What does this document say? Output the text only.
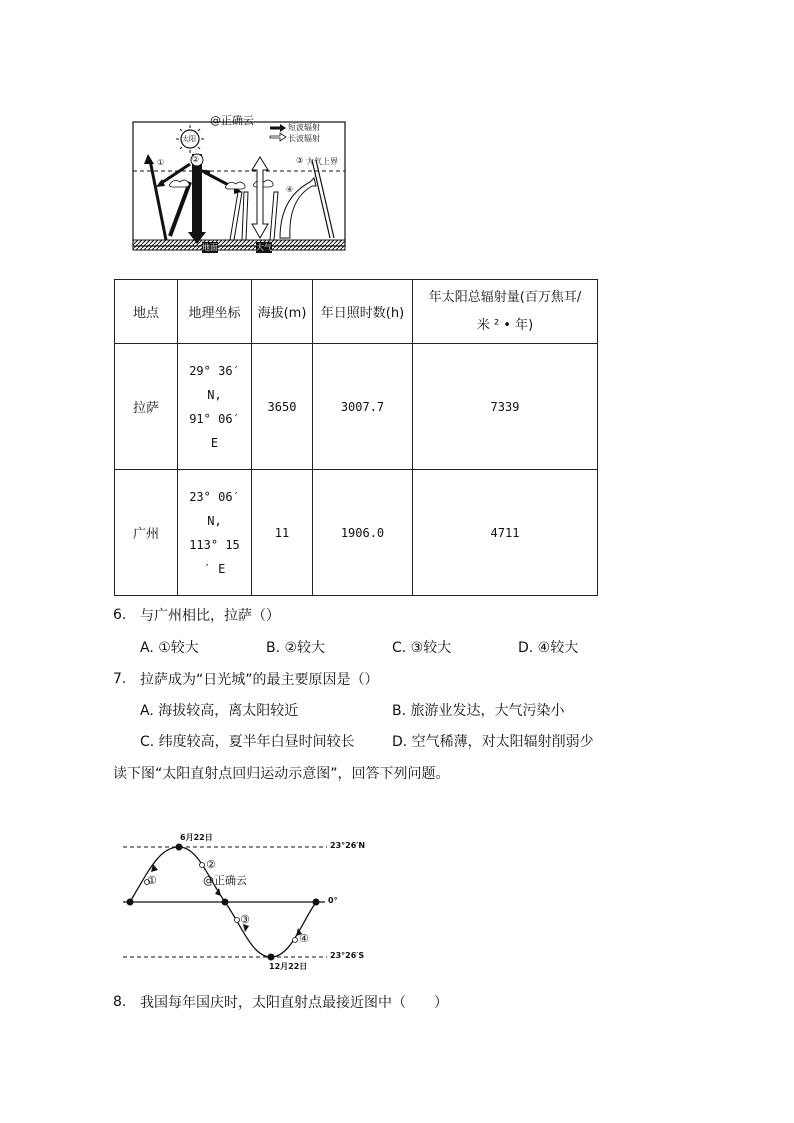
@正确云
短波辐射
长波辐射
太阳
①	②	③
④
大气上界
地面	大气
地点	地理坐标	海拔(m)	年日照时数(h)	年太阳总辐射量(百万焦耳/
米 ² • 年)

拉萨	29° 36′
N,
91° 06′
E	3650	3007.7	7339
广州	23° 06′
N,
113° 15
′ E	11	1906.0	4711
6. 与广州相比，拉萨（）
A. ①较大	B. ②较大	C. ③较大	D. ④较大
7. 拉萨成为“日光城”的最主要原因是（）
A. 海拔较高，离太阳较近	B. 旅游业发达，大气污染小
C. 纬度较高，夏半年白昼时间较长	D. 空气稀薄，对太阳辐射削弱少
读下图“太阳直射点回归运动示意图”，回答下列问题。
6月22日
12月22日
23°26′N
0°
23°26′S
①
②
③
④
@正确云
8. 我国每年国庆时，太阳直射点最接近图中（　　）
